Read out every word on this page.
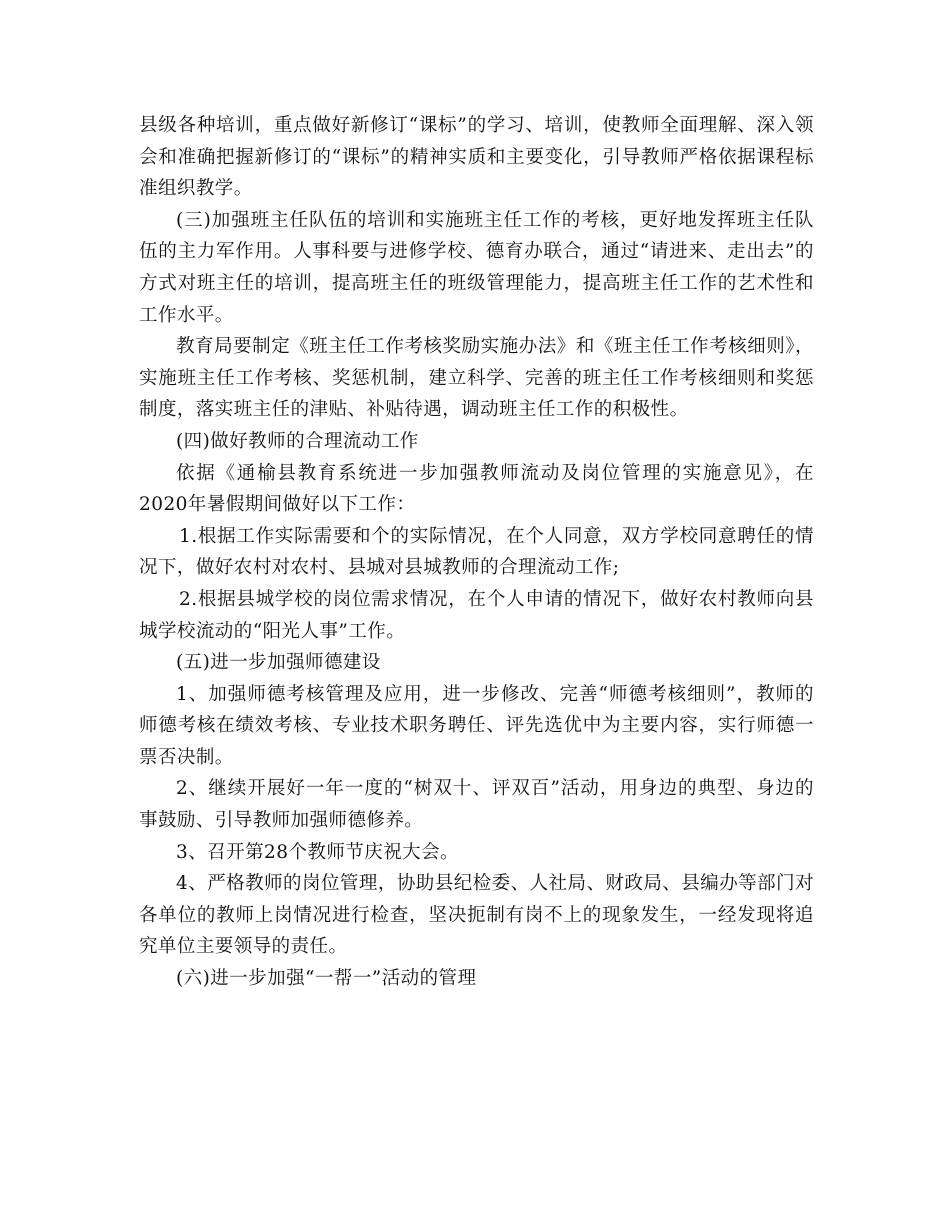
县级各种培训，重点做好新修订“课标”的学习、培训，使教师全面理解、深入领会和准确把握新修订的“课标”的精神实质和主要变化，引导教师严格依据课程标准组织教学。

(三)加强班主任队伍的培训和实施班主任工作的考核，更好地发挥班主任队伍的主力军作用。人事科要与进修学校、德育办联合，通过“请进来、走出去”的方式对班主任的培训，提高班主任的班级管理能力，提高班主任工作的艺术性和工作水平。

教育局要制定《班主任工作考核奖励实施办法》和《班主任工作考核细则》，实施班主任工作考核、奖惩机制，建立科学、完善的班主任工作考核细则和奖惩制度，落实班主任的津贴、补贴待遇，调动班主任工作的积极性。

(四)做好教师的合理流动工作

依据《通榆县教育系统进一步加强教师流动及岗位管理的实施意见》，在2020年暑假期间做好以下工作：

1.根据工作实际需要和个的实际情况，在个人同意，双方学校同意聘任的情况下，做好农村对农村、县城对县城教师的合理流动工作;

2.根据县城学校的岗位需求情况，在个人申请的情况下，做好农村教师向县城学校流动的“阳光人事”工作。

(五)进一步加强师德建设

1、加强师德考核管理及应用，进一步修改、完善“师德考核细则”，教师的师德考核在绩效考核、专业技术职务聘任、评先选优中为主要内容，实行师德一票否决制。

2、继续开展好一年一度的“树双十、评双百”活动，用身边的典型、身边的事鼓励、引导教师加强师德修养。

3、召开第28个教师节庆祝大会。

4、严格教师的岗位管理，协助县纪检委、人社局、财政局、县编办等部门对各单位的教师上岗情况进行检查，坚决扼制有岗不上的现象发生，一经发现将追究单位主要领导的责任。

(六)进一步加强“一帮一”活动的管理
